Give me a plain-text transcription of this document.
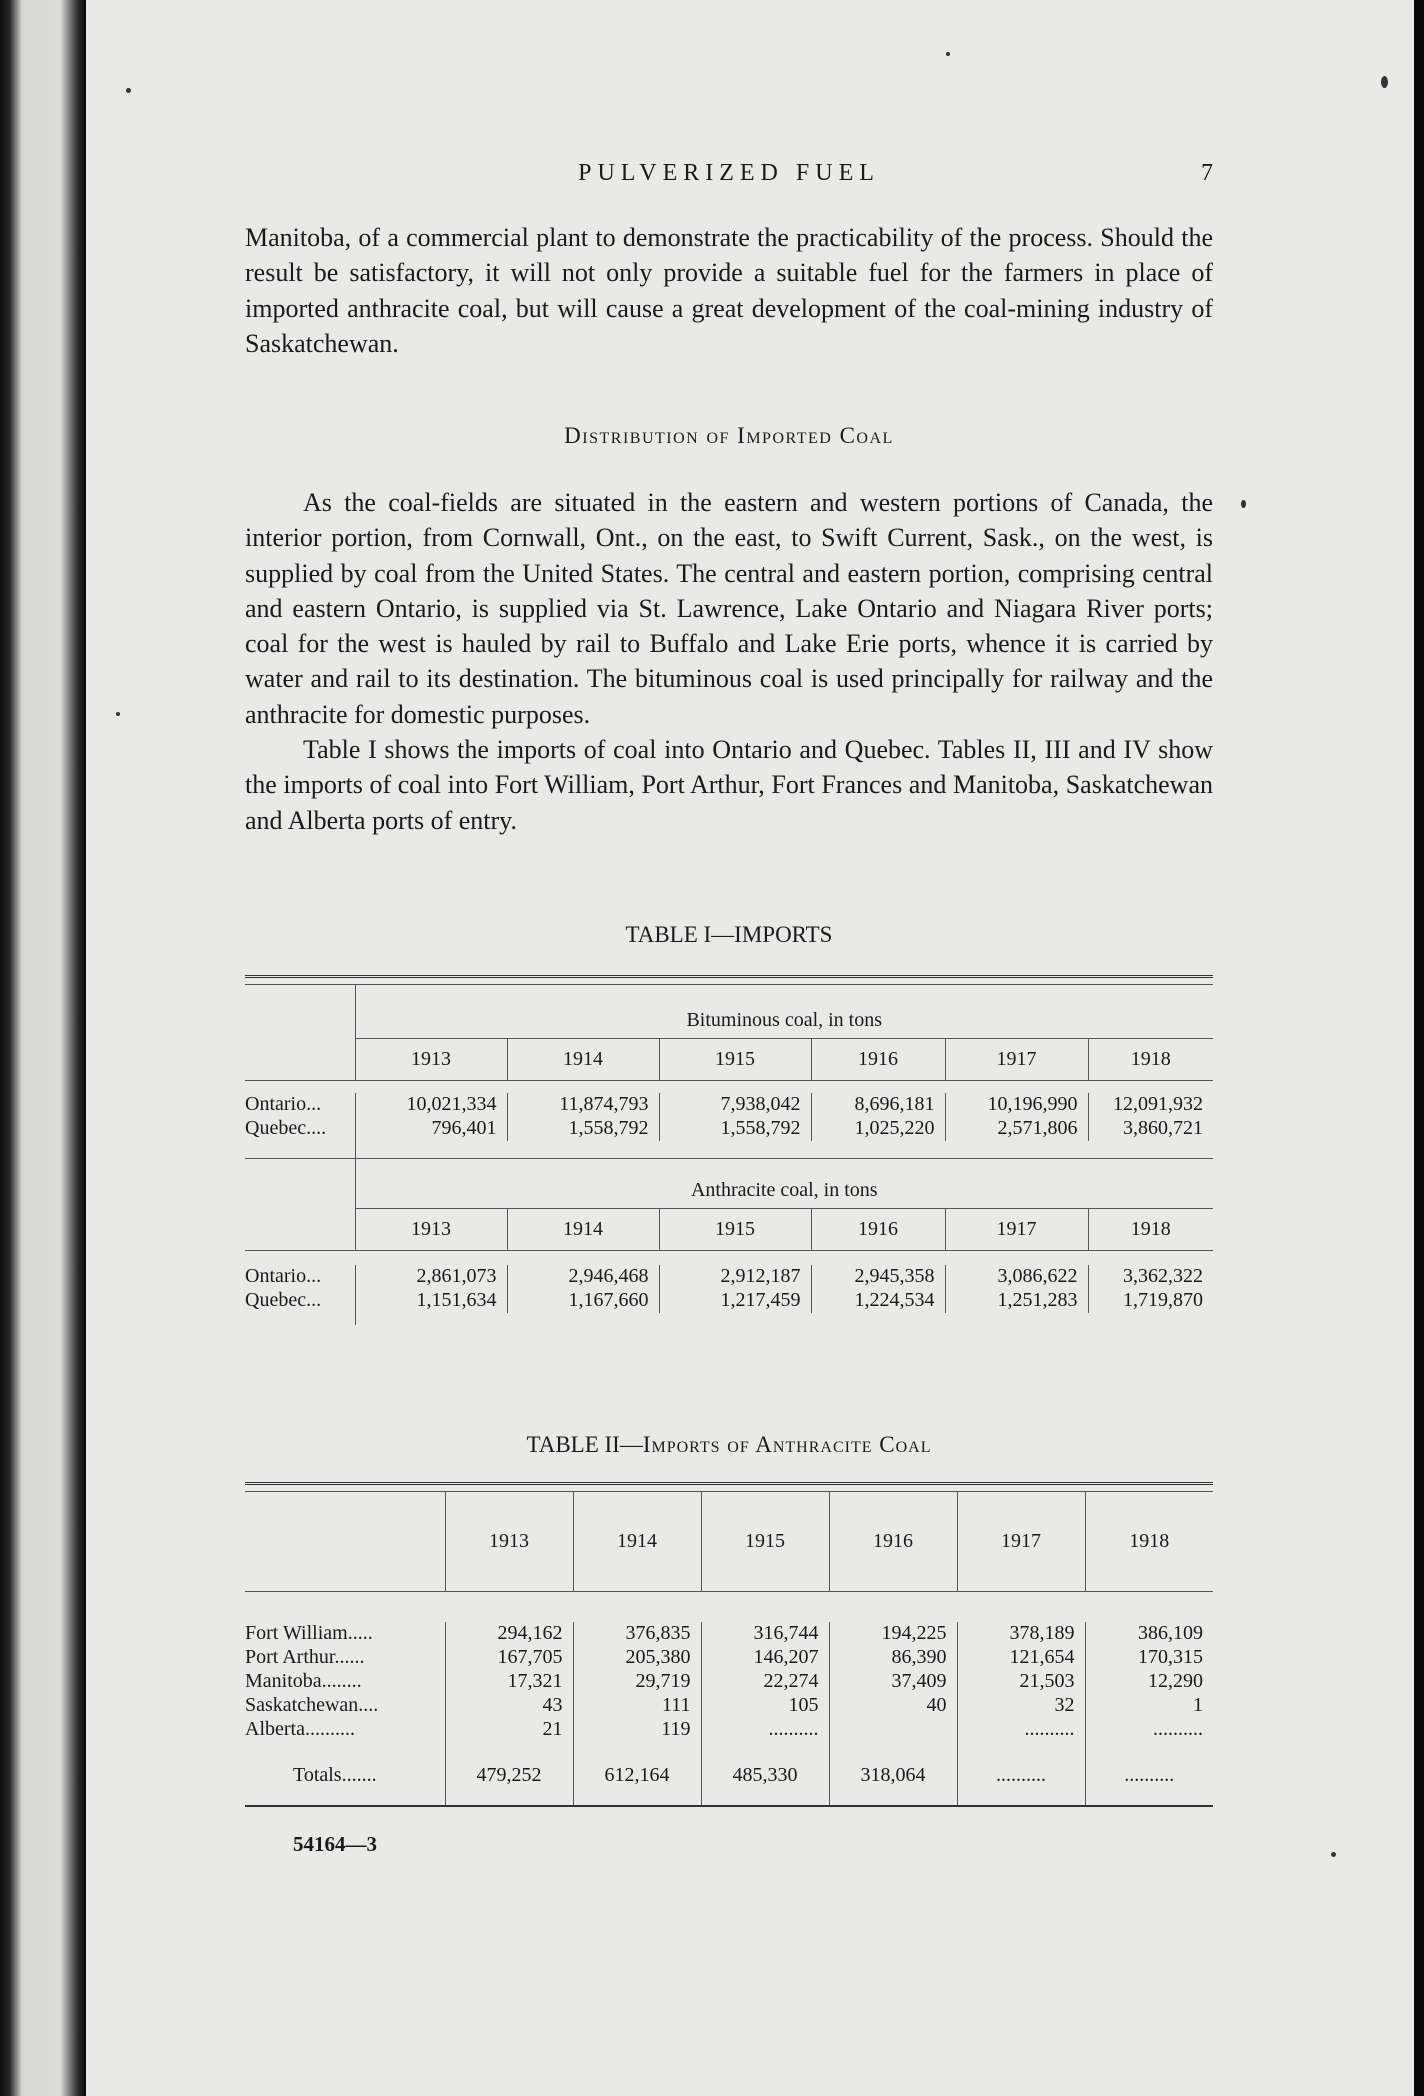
PULVERIZED FUEL	7

Manitoba, of a commercial plant to demonstrate the practicability of the process. Should the result be satisfactory, it will not only provide a suitable fuel for the farmers in place of imported anthracite coal, but will cause a great development of the coal-mining industry of Saskatchewan.

Distribution of Imported Coal

As the coal-fields are situated in the eastern and western portions of Canada, the interior portion, from Cornwall, Ont., on the east, to Swift Current, Sask., on the west, is supplied by coal from the United States. The central and eastern portion, comprising central and eastern Ontario, is supplied via St. Lawrence, Lake Ontario and Niagara River ports; coal for the west is hauled by rail to Buffalo and Lake Erie ports, whence it is carried by water and rail to its destination. The bituminous coal is used principally for railway and the anthracite for domestic purposes.

Table I shows the imports of coal into Ontario and Quebec. Tables II, III and IV show the imports of coal into Fort William, Port Arthur, Fort Frances and Manitoba, Saskatchewan and Alberta ports of entry.

TABLE I—IMPORTS

	Bituminous coal, in tons					
	1913	1914	1915	1916	1917	1918

Ontario...	10,021,334	11,874,793	7,938,042	8,696,181	10,196,990	12,091,932
Quebec....	796,401	1,558,792	1,558,792	1,025,220	2,571,806	3,860,721

	Anthracite coal, in tons					
	1913	1914	1915	1916	1917	1918

Ontario...	2,861,073	2,946,468	2,912,187	2,945,358	3,086,622	3,362,322
Quebec...	1,151,634	1,167,660	1,217,459	1,224,534	1,251,283	1,719,870

TABLE II—Imports of Anthracite Coal

	1913	1914	1915	1916	1917	1918

Fort William.....	294,162	376,835	316,744	194,225	378,189	386,109
Port Arthur......	167,705	205,380	146,207	86,390	121,654	170,315
Manitoba........	17,321	29,719	22,274	37,409	21,503	12,290
Saskatchewan....	43	111	105	40	32	1
Alberta..........	21	119	..........		..........	..........

Totals.......	479,252	612,164	485,330	318,064	..........	..........

54164—3
